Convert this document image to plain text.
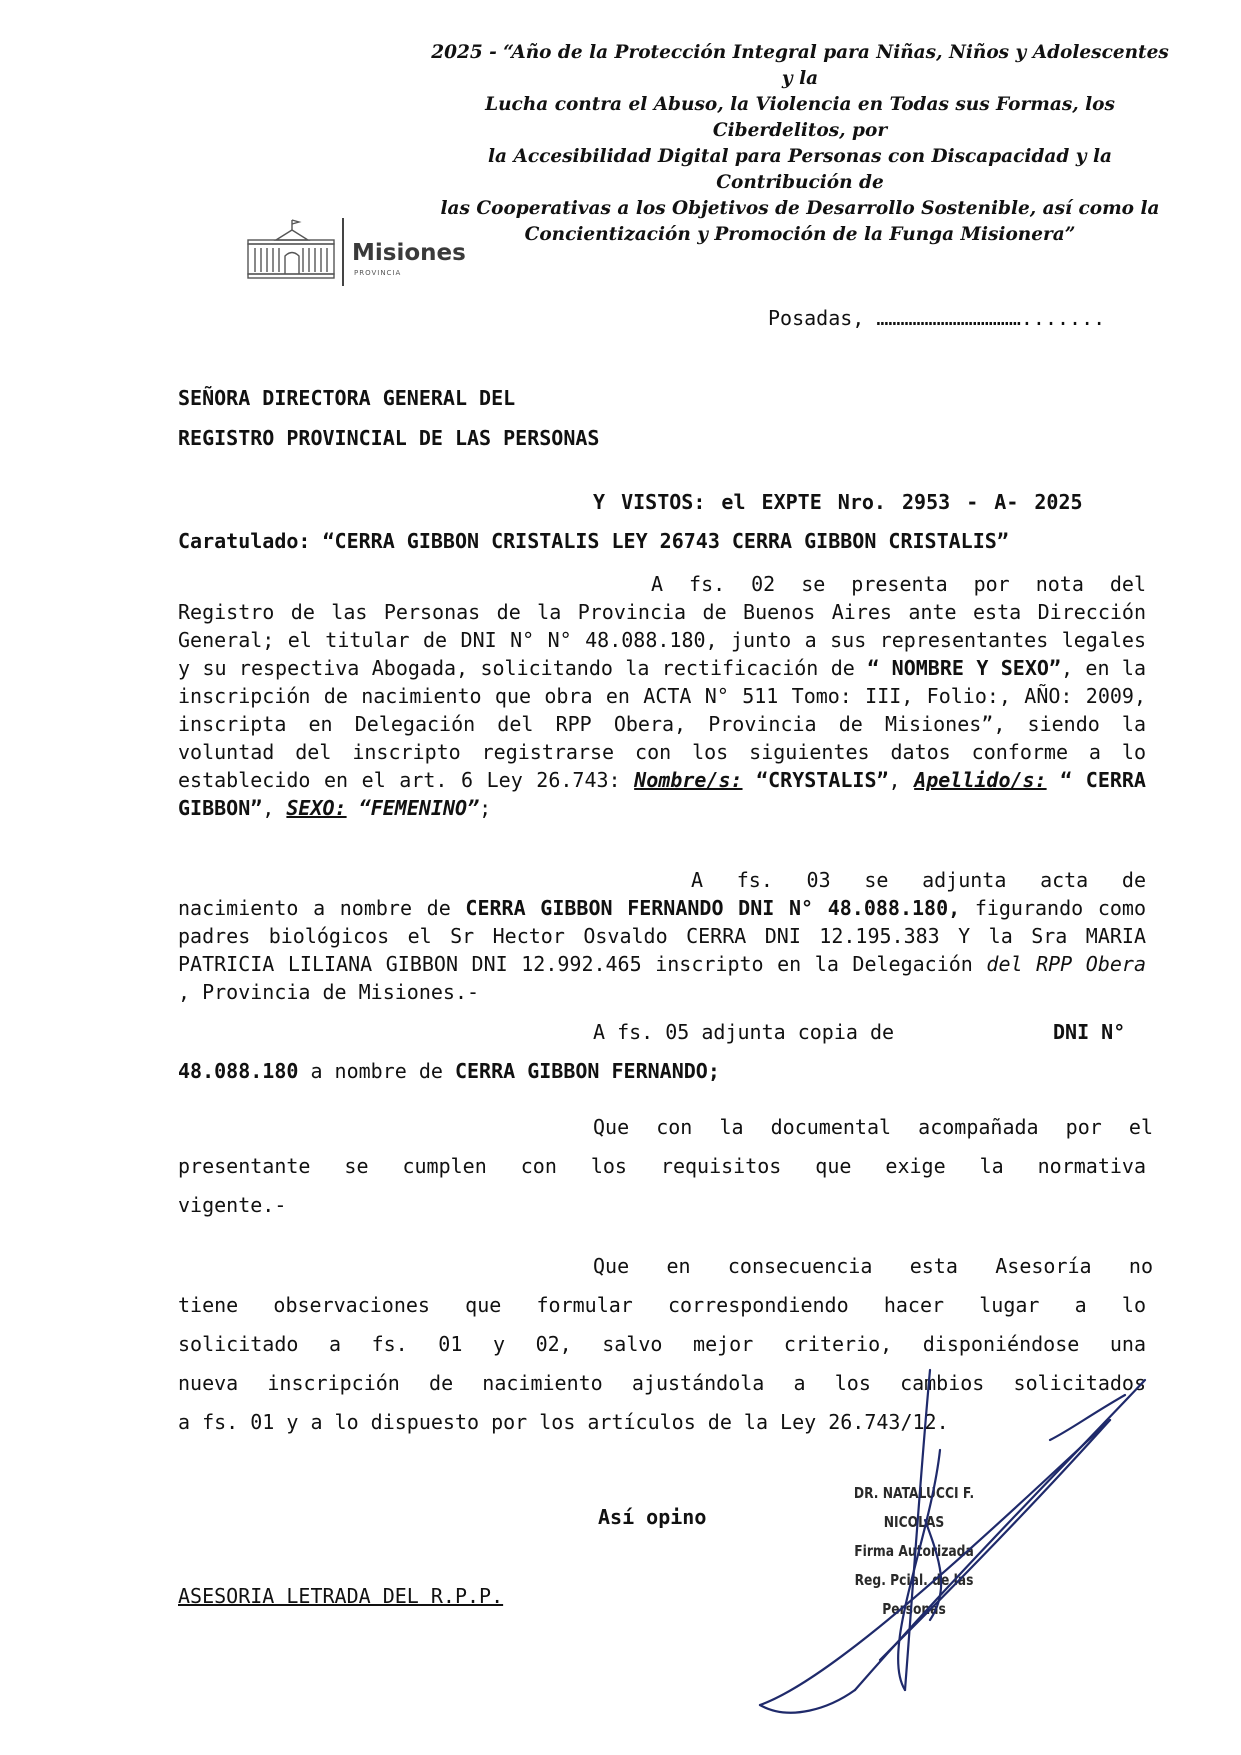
2025 - “Año de la Protección Integral para Niñas, Niños y Adolescentes y la
Lucha contra el Abuso, la Violencia en Todas sus Formas, los Ciberdelitos, por
la Accesibilidad Digital para Personas con Discapacidad y la Contribución de
las Cooperativas a los Objetivos de Desarrollo Sostenible, así como la
Concientización y Promoción de la Funga Misionera”
Misiones
PROVINCIA
Posadas, ……………………………….......
SEÑORA DIRECTORA GENERAL DEL
REGISTRO PROVINCIAL DE LAS PERSONAS
Y VISTOS: el EXPTE Nro. 2953 - A- 2025
Caratulado: “CERRA GIBBON CRISTALIS LEY 26743 CERRA GIBBON CRISTALIS”
A fs. 02 se presenta por nota del Registro de las Personas de la Provincia de Buenos Aires ante esta Dirección General; el titular de DNI N° N° 48.088.180, junto a sus representantes legales y su respectiva Abogada, solicitando la rectificación de “ NOMBRE Y SEXO”, en la inscripción de nacimiento que obra en ACTA N° 511 Tomo: III, Folio:, AÑO: 2009, inscripta en Delegación del RPP Obera, Provincia de Misiones”, siendo la voluntad del inscripto registrarse con los siguientes datos conforme a lo establecido en el art. 6 Ley 26.743: Nombre/s: “CRYSTALIS”, Apellido/s: “ CERRA GIBBON”, SEXO: “FEMENINO”;
A fs. 03 se adjunta acta de nacimiento a nombre de CERRA GIBBON FERNANDO DNI N° 48.088.180, figurando como padres biológicos el Sr Hector Osvaldo CERRA DNI 12.195.383 Y la Sra MARIA PATRICIA LILIANA GIBBON DNI 12.992.465 inscripto en la Delegación del RPP Obera , Provincia de Misiones.-
A fs. 05 adjunta copia de	DNI N°
48.088.180 a nombre de CERRA GIBBON FERNANDO;
Que con la documental acompañada por el
presentante se cumplen con los requisitos que exige la normativa
vigente.-
Que en consecuencia esta Asesoría no
tiene observaciones que formular correspondiendo hacer lugar a lo
solicitado a fs. 01 y 02, salvo mejor criterio, disponiéndose una
nueva inscripción de nacimiento ajustándola a los cambios solicitados
a fs. 01 y a lo dispuesto por los artículos de la Ley 26.743/12.
Así opino
ASESORIA LETRADA DEL R.P.P.
DR. NATALUCCI F. NICOLAS
Firma Autorizada
Reg. Pcial. de las Personas
